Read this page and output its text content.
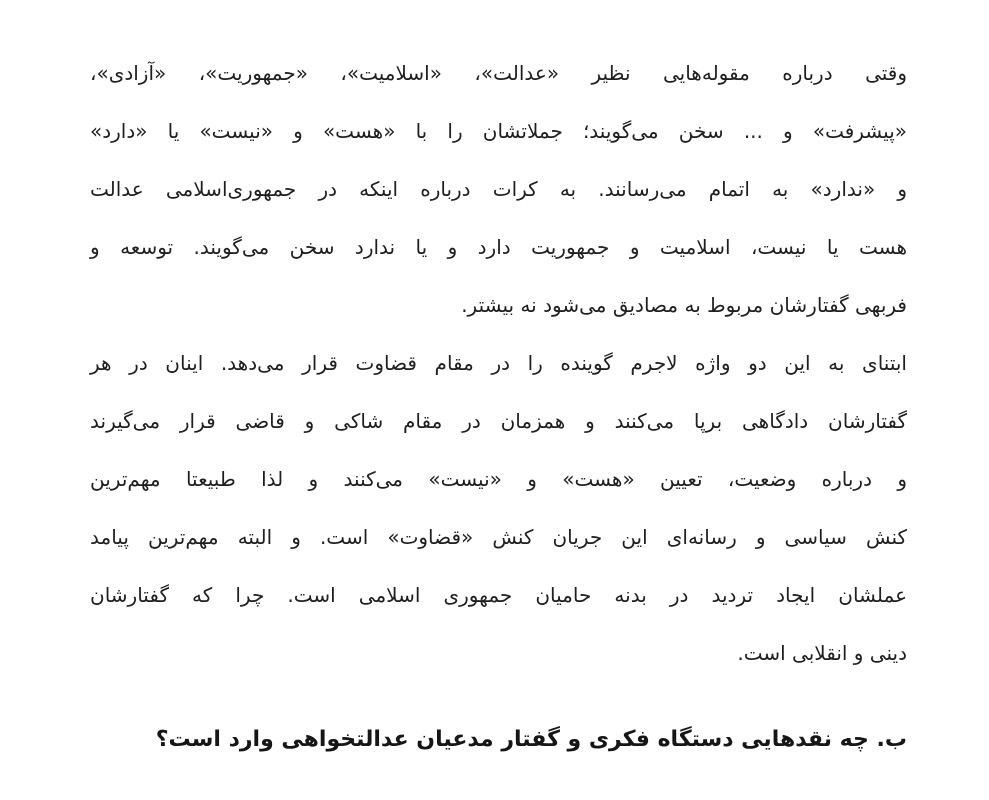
وقتی درباره مقوله‌هایی نظیر «عدالت»، «اسلامیت»، «جمهوریت»، «آزادی»،
«پیشرفت» و ... سخن می‌گویند؛ جملاتشان را با «هست» و «نیست» یا «دارد»
و «ندارد» به اتمام می‌رسانند. به کرات درباره اینکه در جمهوری‌اسلامی عدالت
هست یا نیست، اسلامیت و جمهوریت دارد و یا ندارد سخن می‌گویند. توسعه و
فربهی گفتارشان مربوط به مصادیق می‌شود نه بیشتر.
ابتنای به این دو واژه لاجرم گوینده را در مقام قضاوت قرار می‌دهد. اینان در هر
گفتارشان دادگاهی برپا می‌کنند و همزمان در مقام شاکی و قاضی قرار می‌گیرند
و درباره وضعیت، تعیین «هست» و «نیست» می‌کنند و لذا طبیعتا مهم‌ترین
کنش سیاسی و رسانه‌ای این جریان کنش «قضاوت» است. و البته مهم‌ترین پیامد
عملشان ایجاد تردید در بدنه حامیان جمهوری اسلامی است. چرا که گفتارشان
دینی و انقلابی است.
ب. چه نقدهایی دستگاه فکری و گفتار مدعیان عدالتخواهی وارد است؟
